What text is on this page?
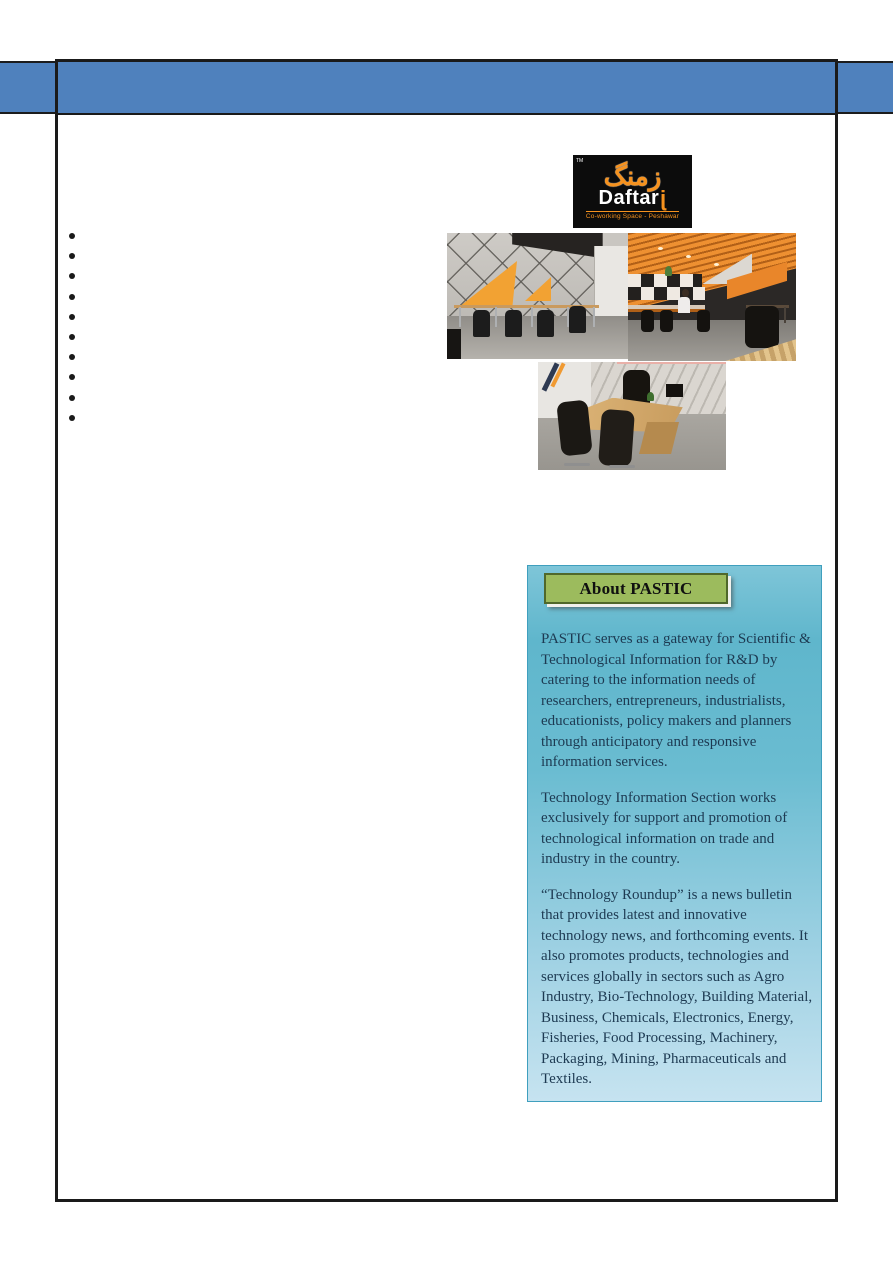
TM زمنگ
Daftar j
Co-working Space - Peshawar
About PASTIC

PASTIC serves as a gateway for Scientific & Technological Information for R&D by catering to the information needs of researchers, entrepreneurs, industrialists, educationists, policy makers and planners through anticipatory and responsive information services.

Technology Information Section works exclusively for support and promotion of technological information on trade and industry in the country.

“Technology Roundup” is a news bulletin that provides latest and innovative technology news, and forthcoming events. It also promotes products, technologies and services globally in sectors such as Agro Industry, Bio-Technology, Building Material, Business, Chemicals, Electronics, Energy, Fisheries, Food Processing, Machinery, Packaging, Mining, Pharmaceuticals and Textiles.
